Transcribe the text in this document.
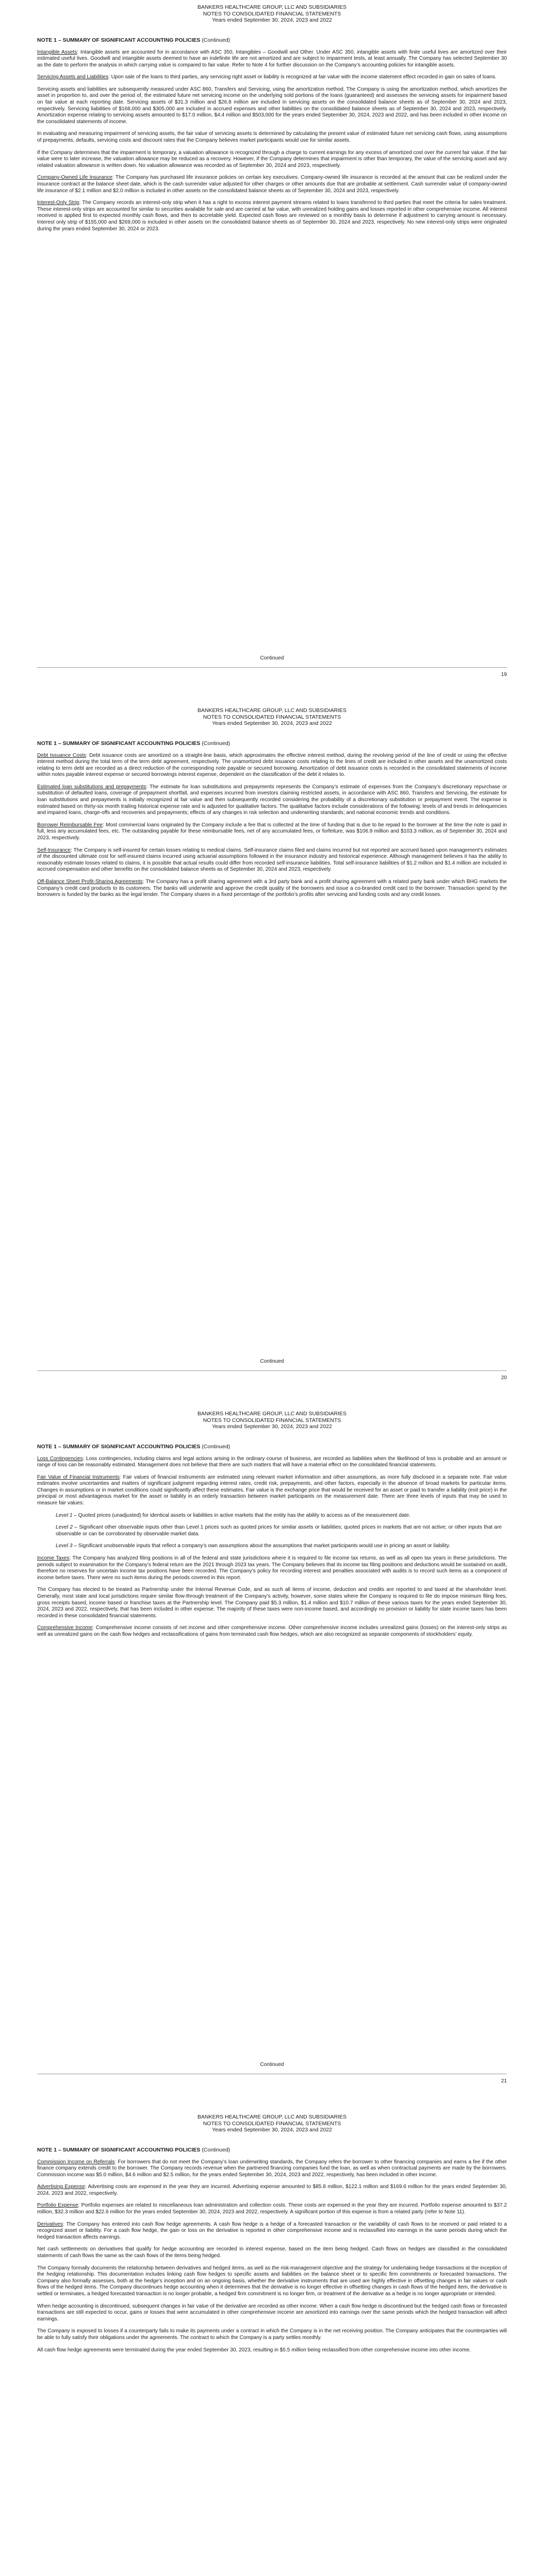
BANKERS HEALTHCARE GROUP, LLC AND SUBSIDIARIES
NOTES TO CONSOLIDATED FINANCIAL STATEMENTS
Years ended September 30, 2024, 2023 and 2022
NOTE 1 – SUMMARY OF SIGNIFICANT ACCOUNTING POLICIES (Continued)

Intangible Assets: Intangible assets are accounted for in accordance with ASC 350, Intangibles – Goodwill and Other. Under ASC 350, intangible assets with finite useful lives are amortized over their estimated useful lives. Goodwill and intangible assets deemed to have an indefinite life are not amortized and are subject to impairment tests, at least annually. The Company has selected September 30 as the date to perform the analysis in which carrying value is compared to fair value. Refer to Note 4 for further discussion on the Company’s accounting policies for intangible assets.

Servicing Assets and Liabilities: Upon sale of the loans to third parties, any servicing right asset or liability is recognized at fair value with the income statement effect recorded in gain on sales of loans.

Servicing assets and liabilities are subsequently measured under ASC 860, Transfers and Servicing, using the amortization method. The Company is using the amortization method, which amortizes the asset in proportion to, and over the period of, the estimated future net servicing income on the underlying sold portions of the loans (guaranteed) and assesses the servicing assets for impairment based on fair value at each reporting date. Servicing assets of $31.3 million and $26.8 million are included in servicing assets on the consolidated balance sheets as of September 30, 2024 and 2023, respectively. Servicing liabilities of $168,000 and $305,000 are included in accrued expenses and other liabilities on the consolidated balance sheets as of September 30, 2024 and 2023, respectively. Amortization expense relating to servicing assets amounted to $17.0 million, $4.4 million and $503,000 for the years ended September 30, 2024, 2023 and 2022, and has been included in other income on the consolidated statements of income.

In evaluating and measuring impairment of servicing assets, the fair value of servicing assets is determined by calculating the present value of estimated future net servicing cash flows, using assumptions of prepayments, defaults, servicing costs and discount rates that the Company believes market participants would use for similar assets.

If the Company determines that the impairment is temporary, a valuation allowance is recognized through a charge to current earnings for any excess of amortized cost over the current fair value. If the fair value were to later increase, the valuation allowance may be reduced as a recovery. However, if the Company determines that impairment is other than temporary, the value of the servicing asset and any related valuation allowance is written down. No valuation allowance was recorded as of September 30, 2024 and 2023, respectively.

Company-Owned Life Insurance: The Company has purchased life insurance policies on certain key executives. Company-owned life insurance is recorded at the amount that can be realized under the insurance contract at the balance sheet date, which is the cash surrender value adjusted for other charges or other amounts due that are probable at settlement. Cash surrender value of company-owned life insurance of $2.1 million and $2.0 million is included in other assets on the consolidated balance sheets as of September 30, 2024 and 2023, respectively.

Interest-Only Strip: The Company records an interest-only strip when it has a right to excess interest payment streams related to loans transferred to third parties that meet the criteria for sales treatment. These interest-only strips are accounted for similar to securities available for sale and are carried at fair value, with unrealized holding gains and losses reported in other comprehensive income. All interest received is applied first to expected monthly cash flows, and then to accretable yield. Expected cash flows are reviewed on a monthly basis to determine if adjustment to carrying amount is necessary. Interest only strip of $155,000 and $269,000 is included in other assets on the consolidated balance sheets as of September 30, 2024 and 2023, respectively. No new interest-only strips were originated during the years ended September 30, 2024 or 2023.

Continued
19
BANKERS HEALTHCARE GROUP, LLC AND SUBSIDIARIES
NOTES TO CONSOLIDATED FINANCIAL STATEMENTS
Years ended September 30, 2024, 2023 and 2022
NOTE 1 – SUMMARY OF SIGNIFICANT ACCOUNTING POLICIES (Continued)

Debt Issuance Costs: Debt issuance costs are amortized on a straight-line basis, which approximates the effective interest method, during the revolving period of the line of credit or using the effective interest method during the total term of the term debt agreement, respectively. The unamortized debt issuance costs relating to the lines of credit are included in other assets and the unamortized costs relating to term debt are recorded as a direct reduction of the corresponding note payable or secured borrowing. Amortization of debt issuance costs is recorded in the consolidated statements of income within notes payable interest expense or secured borrowings interest expense, dependent on the classification of the debt it relates to.

Estimated loan substitutions and prepayments: The estimate for loan substitutions and prepayments represents the Company’s estimate of expenses from the Company’s discretionary repurchase or substitution of defaulted loans, coverage of prepayment shortfall, and expenses incurred from investors claiming restricted assets, in accordance with ASC 860, Transfers and Servicing, the estimate for loan substitutions and prepayments is initially recognized at fair value and then subsequently recorded considering the probability of a discretionary substitution or prepayment event. The expense is estimated based on thirty-six month trailing historical expense rate and is adjusted for qualitative factors. The qualitative factors include considerations of the following: levels of and trends in delinquencies and impaired loans, charge-offs and recoveries and prepayments; effects of any changes in risk selection and underwriting standards; and national economic trends and conditions.

Borrower Reimbursable Fee: Most commercial loans originated by the Company include a fee that is collected at the time of funding that is due to be repaid to the borrower at the time the note is paid in full, less any accumulated fees, etc. The outstanding payable for these reimbursable fees, net of any accumulated fees, or forfeiture, was $106.9 million and $103.3 million, as of September 30, 2024 and 2023, respectively.

Self-Insurance: The Company is self-insured for certain losses relating to medical claims. Self-insurance claims filed and claims incurred but not reported are accrued based upon management’s estimates of the discounted ultimate cost for self-insured claims incurred using actuarial assumptions followed in the insurance industry and historical experience. Although management believes it has the ability to reasonably estimate losses related to claims, it is possible that actual results could differ from recorded self-insurance liabilities. Total self-insurance liabilities of $1.2 million and $1.4 million are included in accrued compensation and other benefits on the consolidated balance sheets as of September 30, 2024 and 2023, respectively.

Off-Balance Sheet Profit-Sharing Agreements: The Company has a profit sharing agreement with a 3rd party bank and a profit sharing agreement with a related party bank under which BHG markets the Company’s credit card products to its customers. The banks will underwrite and approve the credit quality of the borrowers and issue a co-branded credit card to the borrower. Transaction spend by the borrowers is funded by the banks as the legal lender. The Company shares in a fixed percentage of the portfolio’s profits after servicing and funding costs and any credit losses.

Continued
20
BANKERS HEALTHCARE GROUP, LLC AND SUBSIDIARIES
NOTES TO CONSOLIDATED FINANCIAL STATEMENTS
Years ended September 30, 2024, 2023 and 2022
NOTE 1 – SUMMARY OF SIGNIFICANT ACCOUNTING POLICIES (Continued)

Loss Contingencies: Loss contingencies, including claims and legal actions arising in the ordinary course of business, are recorded as liabilities when the likelihood of loss is probable and an amount or range of loss can be reasonably estimated. Management does not believe that there are such matters that will have a material effect on the consolidated financial statements.

Fair Value of Financial Instruments: Fair values of financial instruments are estimated using relevant market information and other assumptions, as more fully disclosed in a separate note. Fair value estimates involve uncertainties and matters of significant judgment regarding interest rates, credit risk, prepayments, and other factors, especially in the absence of broad markets for particular items. Changes in assumptions or in market conditions could significantly affect these estimates. Fair value is the exchange price that would be received for an asset or paid to transfer a liability (exit price) in the principal or most advantageous market for the asset or liability in an orderly transaction between market participants on the measurement date. There are three levels of inputs that may be used to measure fair values:

Level 1 – Quoted prices (unadjusted) for identical assets or liabilities in active markets that the entity has the ability to access as of the measurement date.

Level 2 – Significant other observable inputs other than Level 1 prices such as quoted prices for similar assets or liabilities; quoted prices in markets that are not active; or other inputs that are observable or can be corroborated by observable market data.

Level 3 – Significant unobservable inputs that reflect a company’s own assumptions about the assumptions that market participants would use in pricing an asset or liability.

Income Taxes: The Company has analyzed filing positions in all of the federal and state jurisdictions where it is required to file income tax returns, as well as all open tax years in these jurisdictions. The periods subject to examination for the Company’s federal return are the 2021 through 2023 tax years. The Company believes that its income tax filing positions and deductions would be sustained on audit, therefore no reserves for uncertain income tax positions have been recorded. The Company’s policy for recording interest and penalties associated with audits is to record such items as a component of income before taxes. There were no such items during the periods covered in this report.

The Company has elected to be treated as Partnership under the Internal Revenue Code, and as such all items of income, deduction and credits are reported to and taxed at the shareholder level. Generally, most state and local jurisdictions require similar flow-through treatment of the Company’s activity, however, some states where the Company is required to file do impose minimum filing fees, gross receipts based, income based or franchise taxes at the Partnership level. The Company paid $5.3 million, $1.4 million and $10.7 million of these various taxes for the years ended September 30, 2024, 2023 and 2022, respectively, that has been included in other expense. The majority of these taxes were non-income based, and accordingly no provision or liability for state income taxes has been recorded in these consolidated financial statements.

Comprehensive Income: Comprehensive income consists of net income and other comprehensive income. Other comprehensive income includes unrealized gains (losses) on the interest-only strips as well as unrealized gains on the cash flow hedges and reclassifications of gains from terminated cash flow hedges, which are also recognized as separate components of stockholders’ equity.

Continued
21
BANKERS HEALTHCARE GROUP, LLC AND SUBSIDIARIES
NOTES TO CONSOLIDATED FINANCIAL STATEMENTS
Years ended September 30, 2024, 2023 and 2022
NOTE 1 – SUMMARY OF SIGNIFICANT ACCOUNTING POLICIES (Continued)

Commission Income on Referrals: For borrowers that do not meet the Company’s loan underwriting standards, the Company refers the borrower to other financing companies and earns a fee if the other finance company extends credit to the borrower. The Company records revenue when the partnered financing companies fund the loan, as well as when contractual payments are made by the borrowers. Commission income was $5.0 million, $4.6 million and $2.5 million, for the years ended September 30, 2024, 2023 and 2022, respectively, has been included in other income.

Advertising Expense: Advertising costs are expensed in the year they are incurred. Advertising expense amounted to $85.8 million, $122.1 million and $169.6 million for the years ended September 30, 2024, 2023 and 2022, respectively.

Portfolio Expense: Portfolio expenses are related to miscellaneous loan administration and collection costs. These costs are expensed in the year they are incurred. Portfolio expense amounted to $37.2 million, $32.3 million and $22.6 million for the years ended September 30, 2024, 2023 and 2022, respectively. A significant portion of this expense is from a related party (refer to Note 11).

Derivatives: The Company has entered into cash flow hedge agreements. A cash flow hedge is a hedge of a forecasted transaction or the variability of cash flows to be received or paid related to a recognized asset or liability. For a cash flow hedge, the gain or loss on the derivative is reported in other comprehensive income and is reclassified into earnings in the same periods during which the hedged transaction affects earnings.

Net cash settlements on derivatives that qualify for hedge accounting are recorded in interest expense, based on the item being hedged. Cash flows on hedges are classified in the consolidated statements of cash flows the same as the cash flows of the items being hedged.

The Company formally documents the relationship between derivatives and hedged items, as well as the risk-management objective and the strategy for undertaking hedge transactions at the inception of the hedging relationship. This documentation includes linking cash flow hedges to specific assets and liabilities on the balance sheet or to specific firm commitments or forecasted transactions. The Company also formally assesses, both at the hedge’s inception and on an ongoing basis, whether the derivative instruments that are used are highly effective in offsetting changes in fair values or cash flows of the hedged items. The Company discontinues hedge accounting when it determines that the derivative is no longer effective in offsetting changes in cash flows of the hedged item, the derivative is settled or terminates, a hedged forecasted transaction is no longer probable, a hedged firm commitment is no longer firm, or treatment of the derivative as a hedge is no longer appropriate or intended.

When hedge accounting is discontinued, subsequent changes in fair value of the derivative are recorded as other income. When a cash flow hedge is discontinued but the hedged cash flows or forecasted transactions are still expected to occur, gains or losses that were accumulated in other comprehensive income are amortized into earnings over the same periods which the hedged transaction will affect earnings.

The Company is exposed to losses if a counterparty fails to make its payments under a contract in which the Company is in the net receiving position. The Company anticipates that the counterparties will be able to fully satisfy their obligations under the agreements. The contract to which the Company is a party settles monthly.

All cash flow hedge agreements were terminated during the year ended September 30, 2023, resulting in $5.5 million being reclassified from other comprehensive income into other income.
